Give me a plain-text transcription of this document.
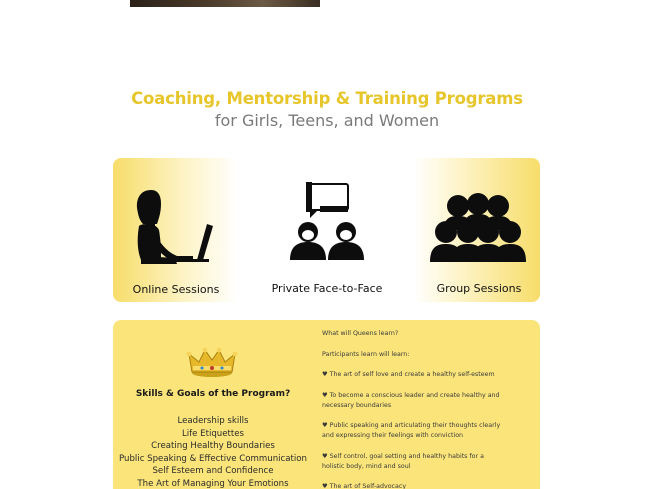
Coaching, Mentorship & Training Programs
for Girls, Teens, and Women
Online Sessions	Private Face-to-Face	Group Sessions
Skills & Goals of the Program?
Leadership skills
Life Etiquettes
Creating Healthy Boundaries
Public Speaking & Effective Communication
Self Esteem and Confidence
The Art of Managing Your Emotions

What will Queens learn?

Participants learn will learn:

♥ The art of self love and create a healthy self-esteem

♥ To become a conscious leader and create healthy and necessary boundaries

♥ Public speaking and articulating their thoughts clearly and expressing their feelings with conviction

♥ Self control, goal setting and healthy habits for a holistic body, mind and soul

♥ The art of Self-advocacy
